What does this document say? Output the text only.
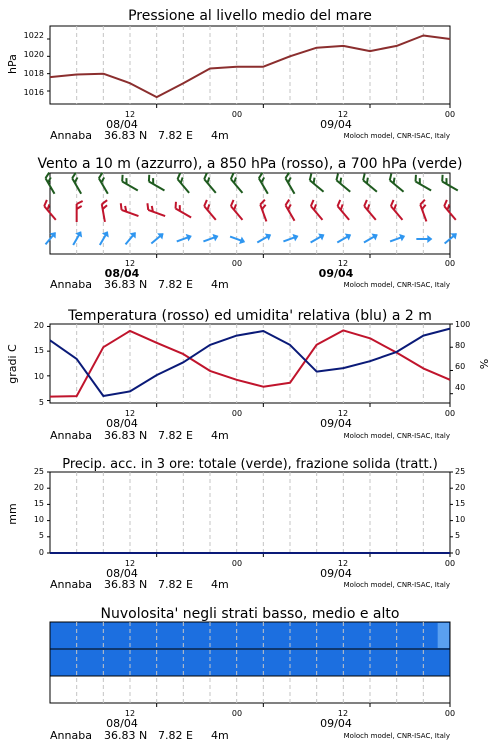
Pressione al livello medio del mare
Vento a 10 m (azzurro), a 850 hPa (rosso), a 700 hPa (verde)
Temperatura (rosso) ed umidita' relativa (blu) a 2 m
Precip. acc. in 3 ore: totale (verde), frazione solida (tratt.)
Nuvolosita' negli strati basso, medio e alto
hPa
gradi C	%
mm
1022
1020
1018
1016
20
15
10
5
100
80
60
40
25
20
15
10
5
0
25
20
15
10
5
0
12	00	12	00
08/04	09/04
Annaba 36.83 N 7.82 E 4m	Moloch model, CNR-ISAC, Italy
12	00	12	00
08/04	09/04
Annaba 36.83 N 7.82 E 4m	Moloch model, CNR-ISAC, Italy
12	00	12	00
08/04	09/04
Annaba 36.83 N 7.82 E 4m	Moloch model, CNR-ISAC, Italy
12	00	12	00
08/04	09/04
Annaba 36.83 N 7.82 E 4m	Moloch model, CNR-ISAC, Italy
12	00	12	00
08/04	09/04
Annaba 36.83 N 7.82 E 4m	Moloch model, CNR-ISAC, Italy
